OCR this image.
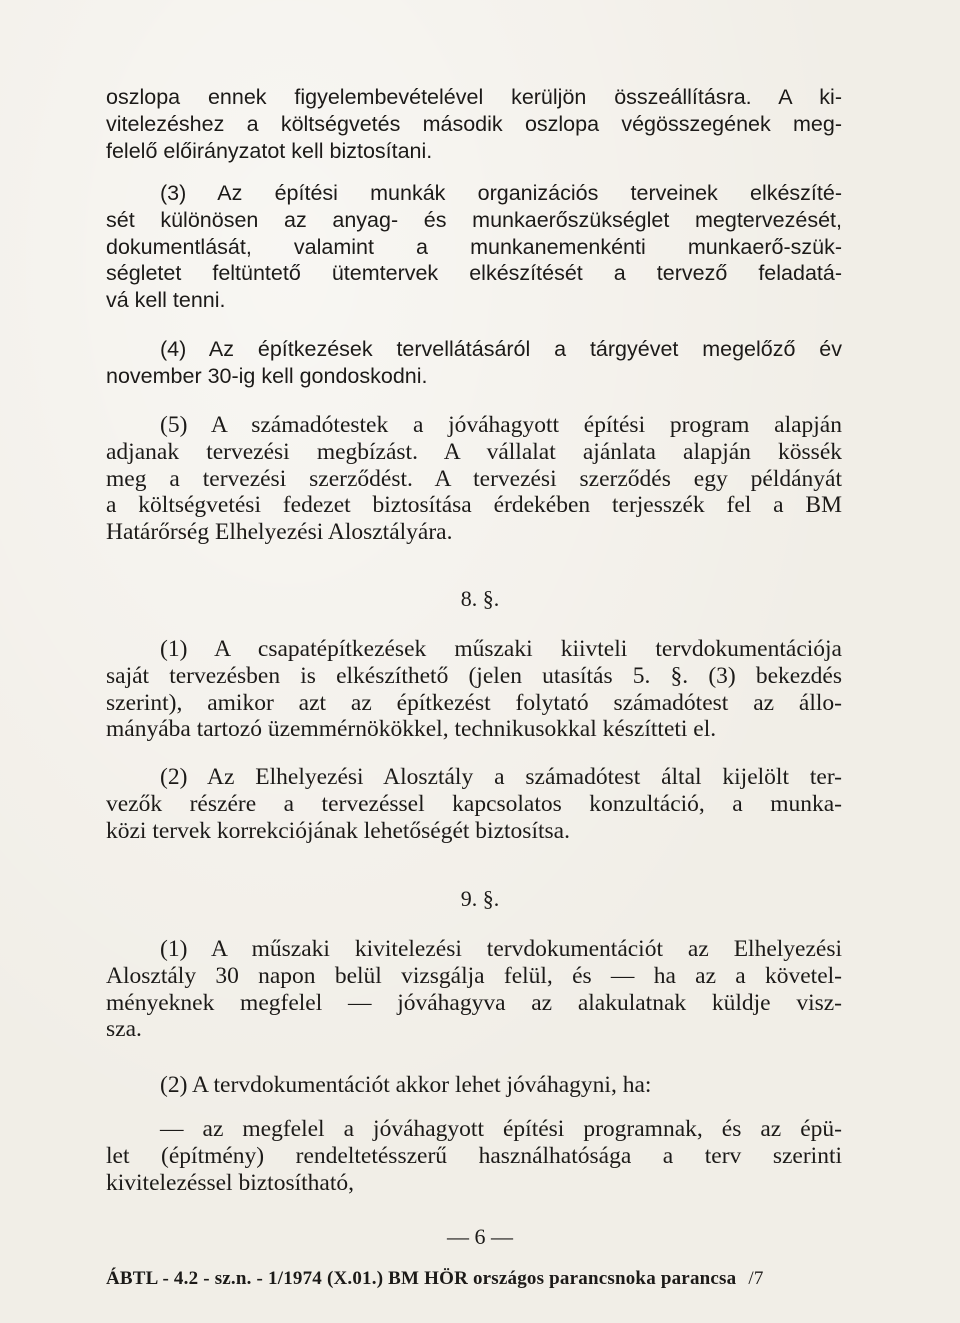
oszlopa ennek figyelembevételével kerüljön összeállításra. A ki-
vitelezéshez a költségvetés második oszlopa végösszegének meg-
felelő előirányzatot kell biztosítani.
(3) Az építési munkák organizációs terveinek elkészíté-
sét különösen az anyag- és munkaerőszükséglet megtervezését,
dokumentlását, valamint a munkanemenkénti munkaerő-szük-
ségletet feltüntető ütemtervek elkészítését a tervező feladatá-
vá kell tenni.
(4) Az építkezések tervellátásáról a tárgyévet megelőző év
november 30-ig kell gondoskodni.
(5) A számadótestek a jóváhagyott építési program alapján
adjanak tervezési megbízást. A vállalat ajánlata alapján kössék
meg a tervezési szerződést. A tervezési szerződés egy példányát
a költségvetési fedezet biztosítása érdekében terjesszék fel a BM
Határőrség Elhelyezési Alosztályára.
8. §.
(1) A csapatépítkezések műszaki kiivteli tervdokumentációja
saját tervezésben is elkészíthető (jelen utasítás 5. §. (3) bekezdés
szerint), amikor azt az építkezést folytató számadótest az állo-
mányába tartozó üzemmérnökökkel, technikusokkal készítteti el.
(2) Az Elhelyezési Alosztály a számadótest által kijelölt ter-
vezők részére a tervezéssel kapcsolatos konzultáció, a munka-
közi tervek korrekciójának lehetőségét biztosítsa.
9. §.
(1) A műszaki kivitelezési tervdokumentációt az Elhelyezési
Alosztály 30 napon belül vizsgálja felül, és — ha az a követel-
ményeknek megfelel — jóváhagyva az alakulatnak küldje visz-
sza.
(2) A tervdokumentációt akkor lehet jóváhagyni, ha:
— az megfelel a jóváhagyott építési programnak, és az épü-
let (építmény) rendeltetésszerű használhatósága a terv szerinti
kivitelezéssel biztosítható,
— 6 —
ÁBTL - 4.2 - sz.n. - 1/1974 (X.01.) BM HÖR országos parancsnoka parancsa /7
